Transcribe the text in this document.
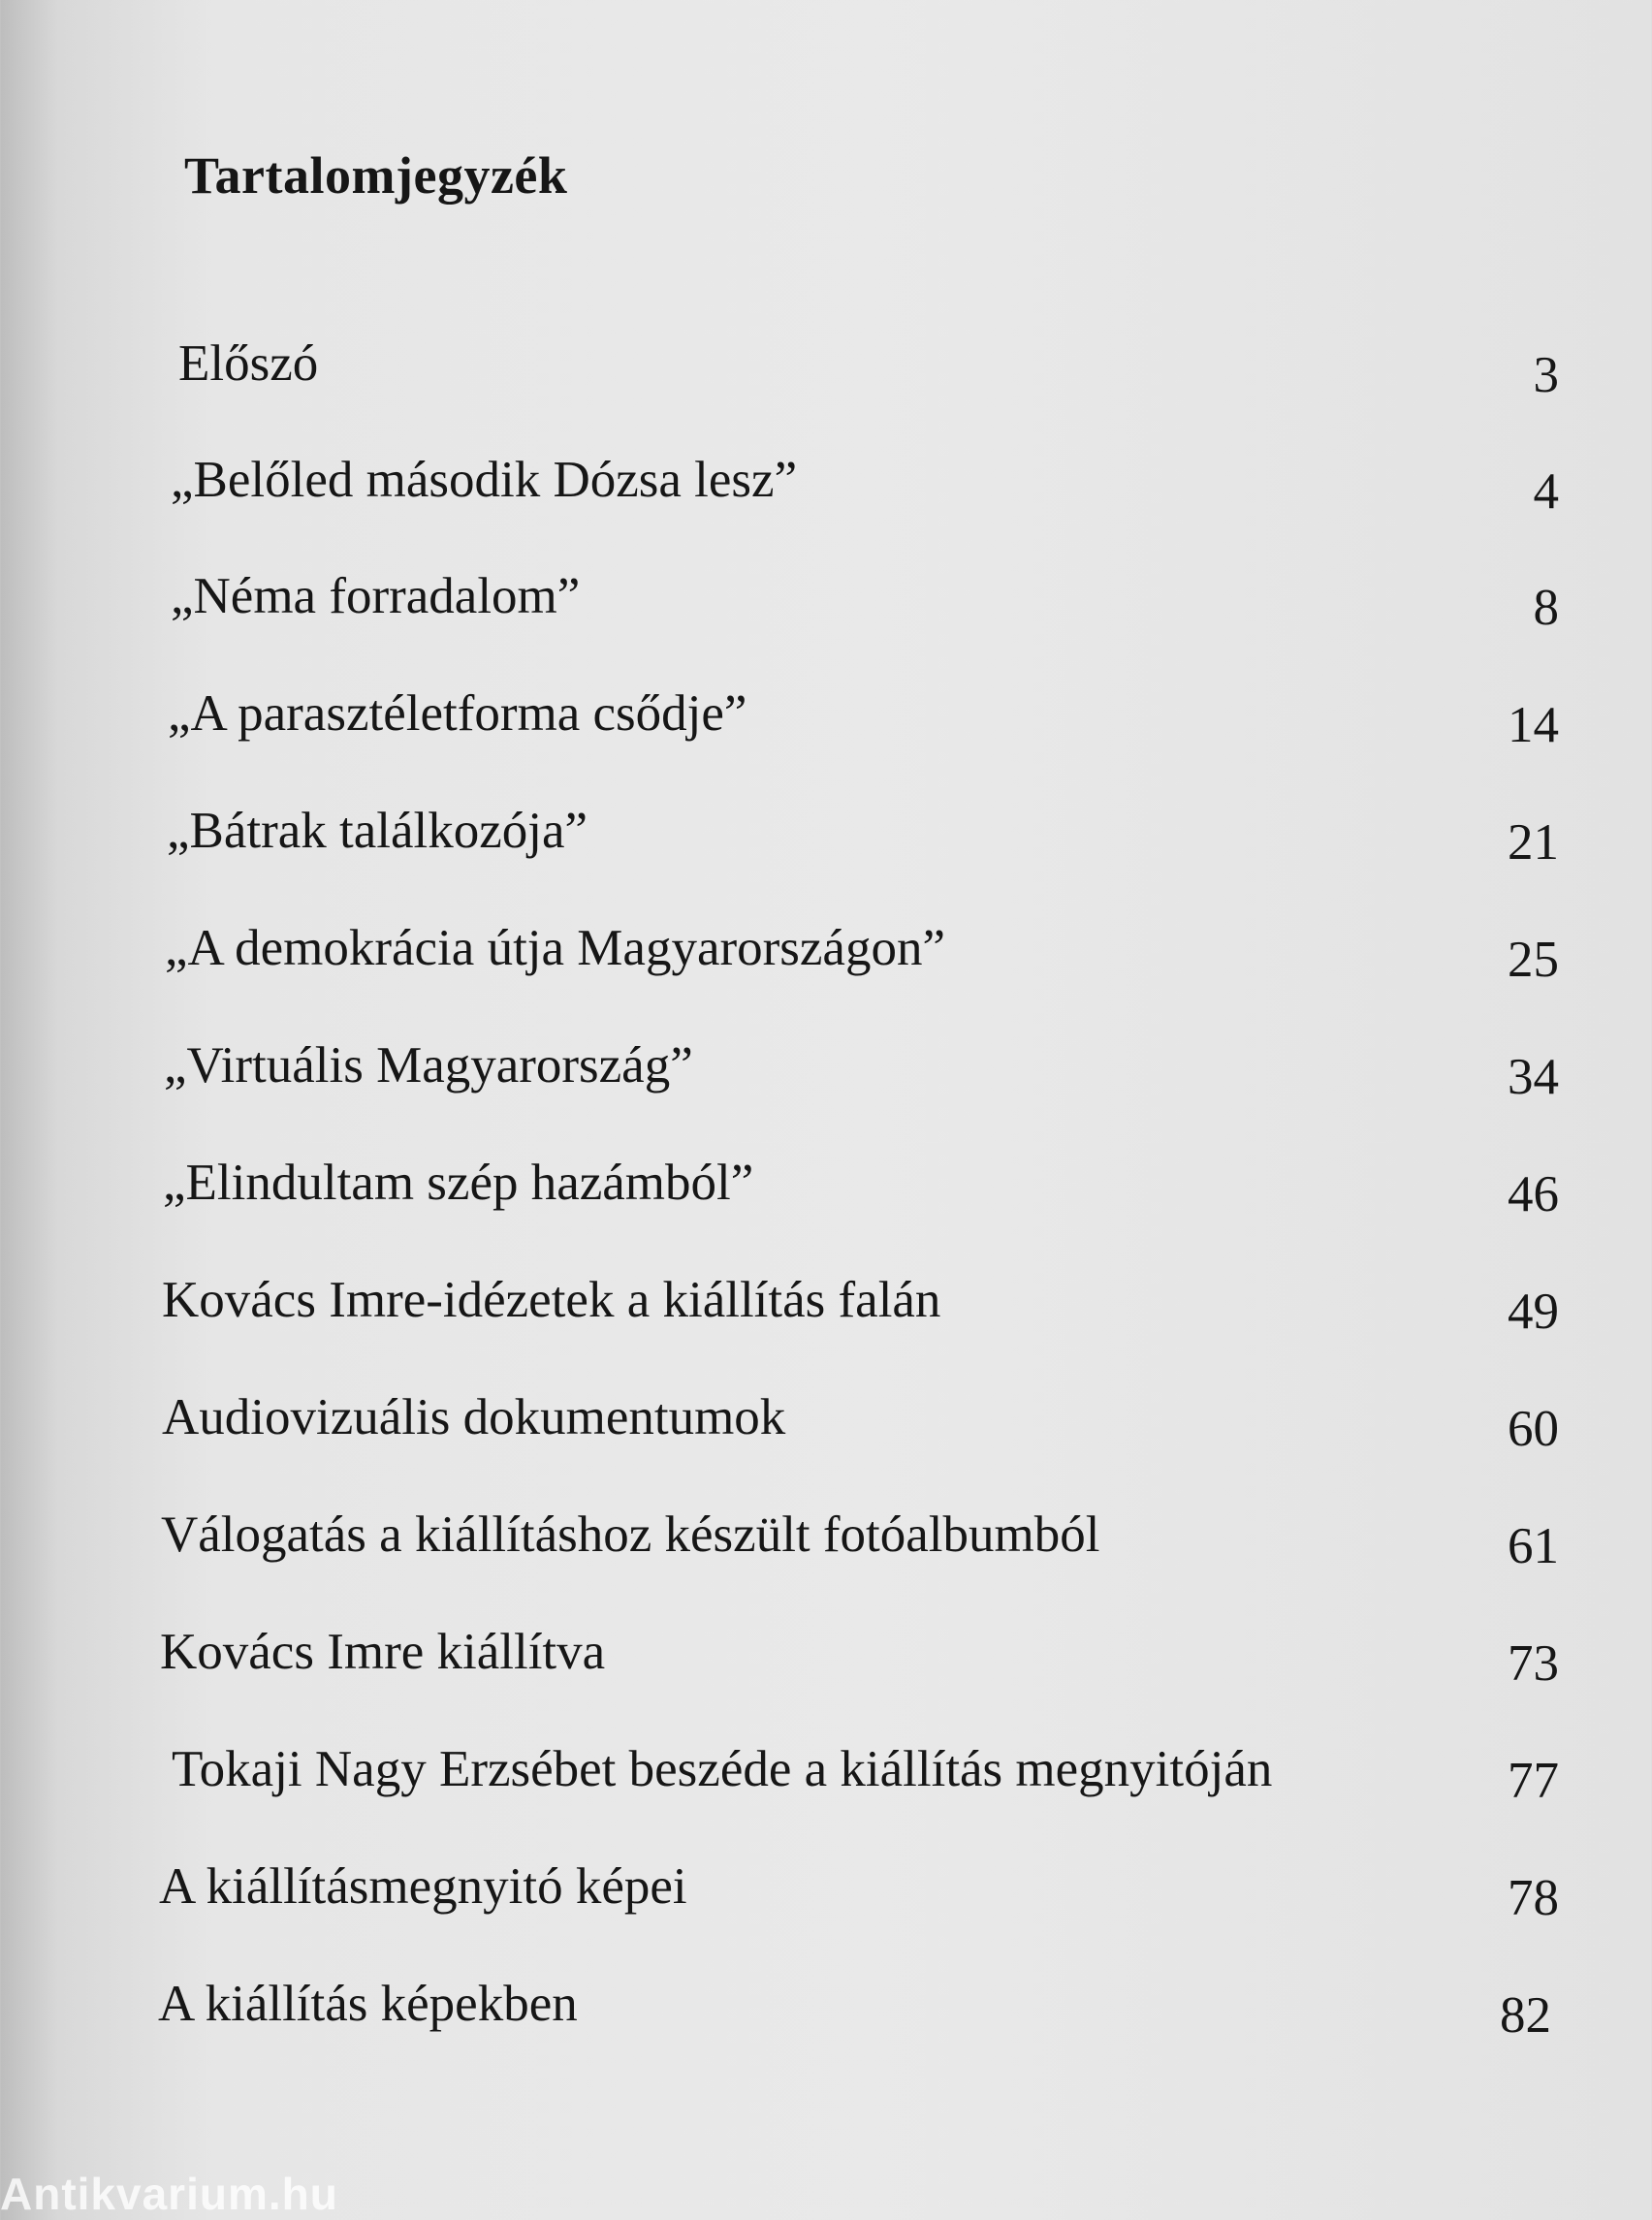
Tartalomjegyzék
Előszó	3
„Belőled második Dózsa lesz”	4
„Néma forradalom”	8
„A parasztéletforma csődje”	14
„Bátrak találkozója”	21
„A demokrácia útja Magyarországon”	25
„Virtuális Magyarország”	34
„Elindultam szép hazámból”	46
Kovács Imre-idézetek a kiállítás falán	49
Audiovizuális dokumentumok	60
Válogatás a kiállításhoz készült fotóalbumból	61
Kovács Imre kiállítva	73
Tokaji Nagy Erzsébet beszéde a kiállítás megnyitóján	77
A kiállításmegnyitó képei	78
A kiállítás képekben	82
Antikvarium.hu
